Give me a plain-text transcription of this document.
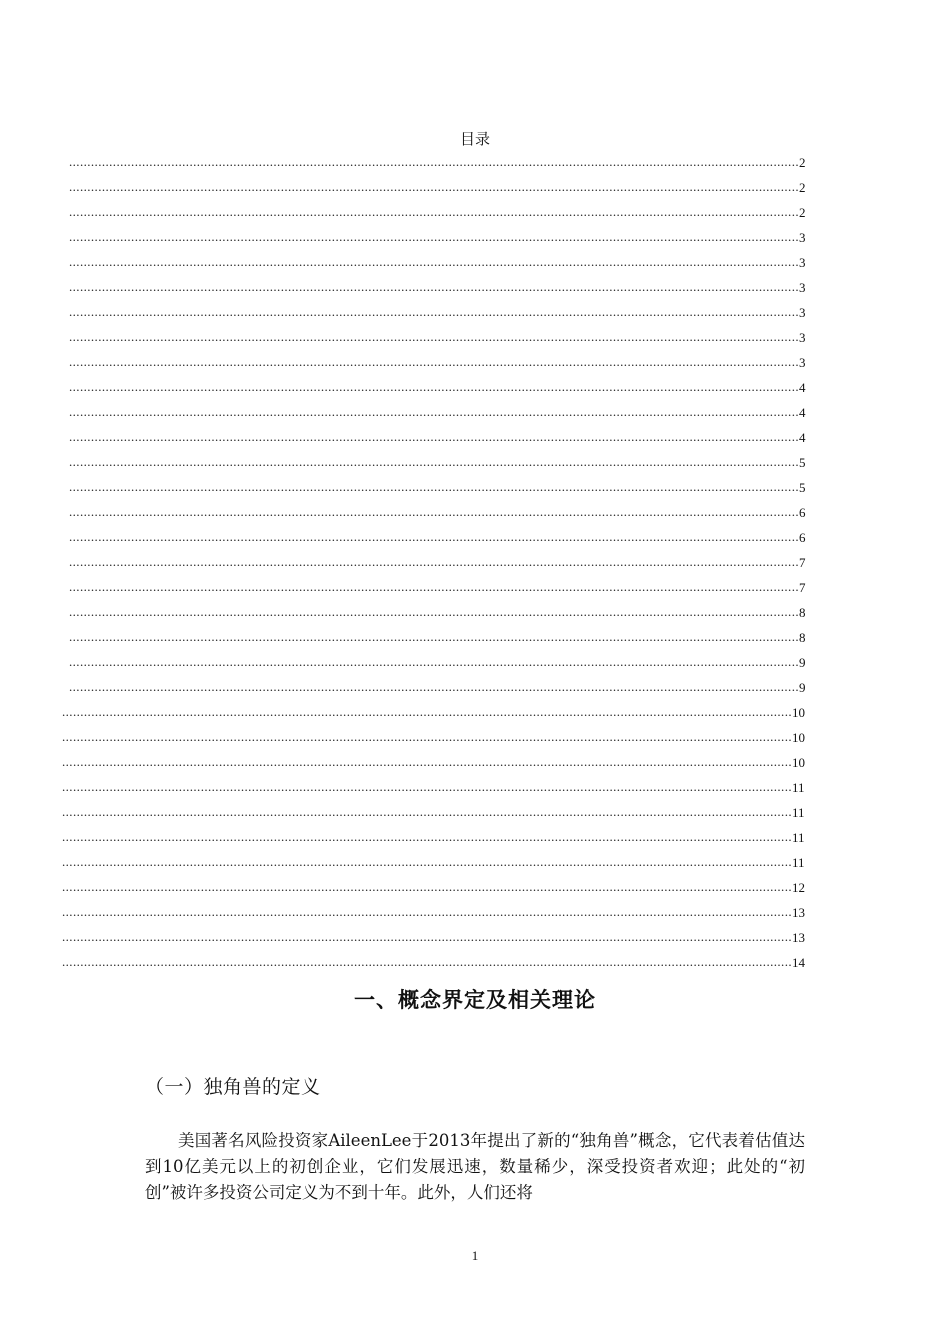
目录
........................................................................................................................................................................................................ 2
........................................................................................................................................................................................................ 2
........................................................................................................................................................................................................ 2
........................................................................................................................................................................................................ 3
........................................................................................................................................................................................................ 3
........................................................................................................................................................................................................ 3
........................................................................................................................................................................................................ 3
........................................................................................................................................................................................................ 3
........................................................................................................................................................................................................ 3
........................................................................................................................................................................................................ 4
........................................................................................................................................................................................................ 4
........................................................................................................................................................................................................ 4
........................................................................................................................................................................................................ 5
........................................................................................................................................................................................................ 5
........................................................................................................................................................................................................ 6
........................................................................................................................................................................................................ 6
........................................................................................................................................................................................................ 7
........................................................................................................................................................................................................ 7
........................................................................................................................................................................................................ 8
........................................................................................................................................................................................................ 8
........................................................................................................................................................................................................ 9
........................................................................................................................................................................................................ 9
........................................................................................................................................................................................................ 10
........................................................................................................................................................................................................ 10
........................................................................................................................................................................................................ 10
........................................................................................................................................................................................................ 11
........................................................................................................................................................................................................ 11
........................................................................................................................................................................................................ 11
........................................................................................................................................................................................................ 11
........................................................................................................................................................................................................ 12
........................................................................................................................................................................................................ 13
........................................................................................................................................................................................................ 13
........................................................................................................................................................................................................ 14
一、概念界定及相关理论
（一）独角兽的定义
美国著名风险投资家AileenLee于2013年提出了新的“独角兽”概念，它代表着估值达到10亿美元以上的初创企业，它们发展迅速，数量稀少，深受投资者欢迎；此处的“初创”被许多投资公司定义为不到十年。此外，人们还将
1
